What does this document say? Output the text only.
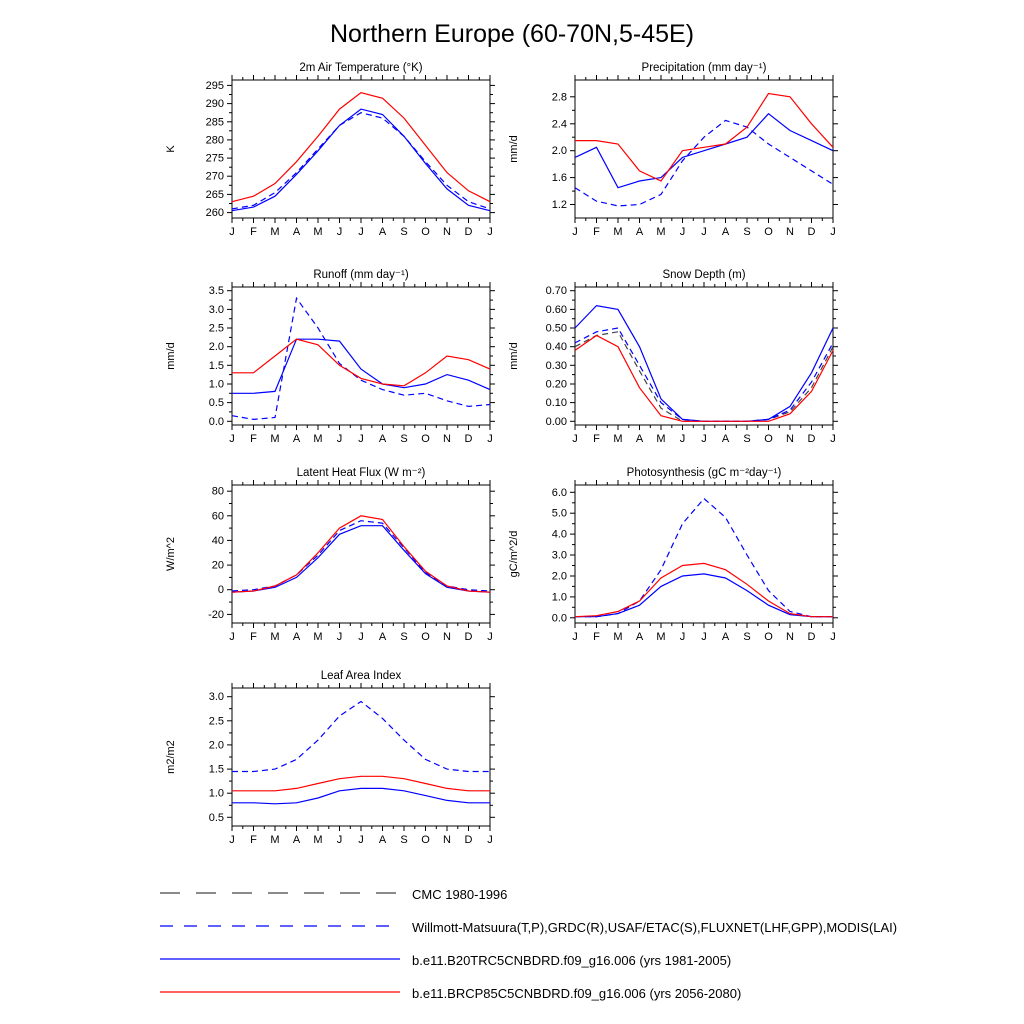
Northern Europe (60-70N,5-45E)
2m Air Temperature (°K)
K
260
265
270
275
280
285
290
295
J F M A M J J A S O N D J
Precipitation (mm day⁻¹)
mm/d
1.2
1.6
2.0
2.4
2.8
J F M A M J J A S O N D J
Runoff (mm day⁻¹)
mm/d
0.0
0.5
1.0
1.5
2.0
2.5
3.0
3.5
J F M A M J J A S O N D J
Snow Depth (m)
mm/d
0.00
0.10
0.20
0.30
0.40
0.50
0.60
0.70
J F M A M J J A S O N D J
Latent Heat Flux (W m⁻²)
W/m^2
-20
0
20
40
60
80
J F M A M J J A S O N D J
Photosynthesis (gC m⁻²day⁻¹)
gC/m^2/d
0.0
1.0
2.0
3.0
4.0
5.0
6.0
J F M A M J J A S O N D J
Leaf Area Index
m2/m2
0.5
1.0
1.5
2.0
2.5
3.0
J F M A M J J A S O N D J
CMC 1980-1996
Willmott-Matsuura(T,P),GRDC(R),USAF/ETAC(S),FLUXNET(LHF,GPP),MODIS(LAI)
b.e11.B20TRC5CNBDRD.f09_g16.006 (yrs 1981-2005)
b.e11.BRCP85C5CNBDRD.f09_g16.006 (yrs 2056-2080)
